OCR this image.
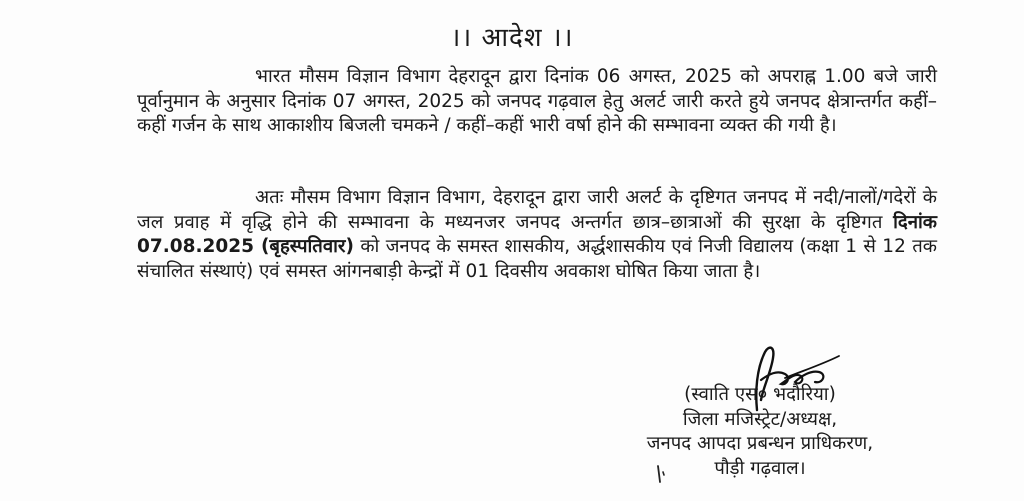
।। आदेश ।।

भारत मौसम विज्ञान विभाग देहरादून द्वारा दिनांक 06 अगस्त, 2025 को अपराह्न 1.00 बजे जारी पूर्वानुमान के अनुसार दिनांक 07 अगस्त, 2025 को जनपद गढ़वाल हेतु अलर्ट जारी करते हुये जनपद क्षेत्रान्तर्गत कहीं–कहीं गर्जन के साथ आकाशीय बिजली चमकने / कहीं–कहीं भारी वर्षा होने की सम्भावना व्यक्त की गयी है।

अतः मौसम विभाग विज्ञान विभाग, देहरादून द्वारा जारी अलर्ट के दृष्टिगत जनपद में नदी/नालों/गदेरों के जल प्रवाह में वृद्धि होने की सम्भावना के मध्यनजर जनपद अन्तर्गत छात्र–छात्राओं की सुरक्षा के दृष्टिगत दिनांक 07.08.2025 (बृहस्पतिवार) को जनपद के समस्त शासकीय, अर्द्धशासकीय एवं निजी विद्यालय (कक्षा 1 से 12 तक संचालित संस्थाएं) एवं समस्त आंगनबाड़ी केन्द्रों में 01 दिवसीय अवकाश घोषित किया जाता है।

(स्वाति एस० भदौरिया)
जिला मजिस्ट्रेट/अध्यक्ष,
जनपद आपदा प्रबन्धन प्राधिकरण,
पौड़ी गढ़वाल।
